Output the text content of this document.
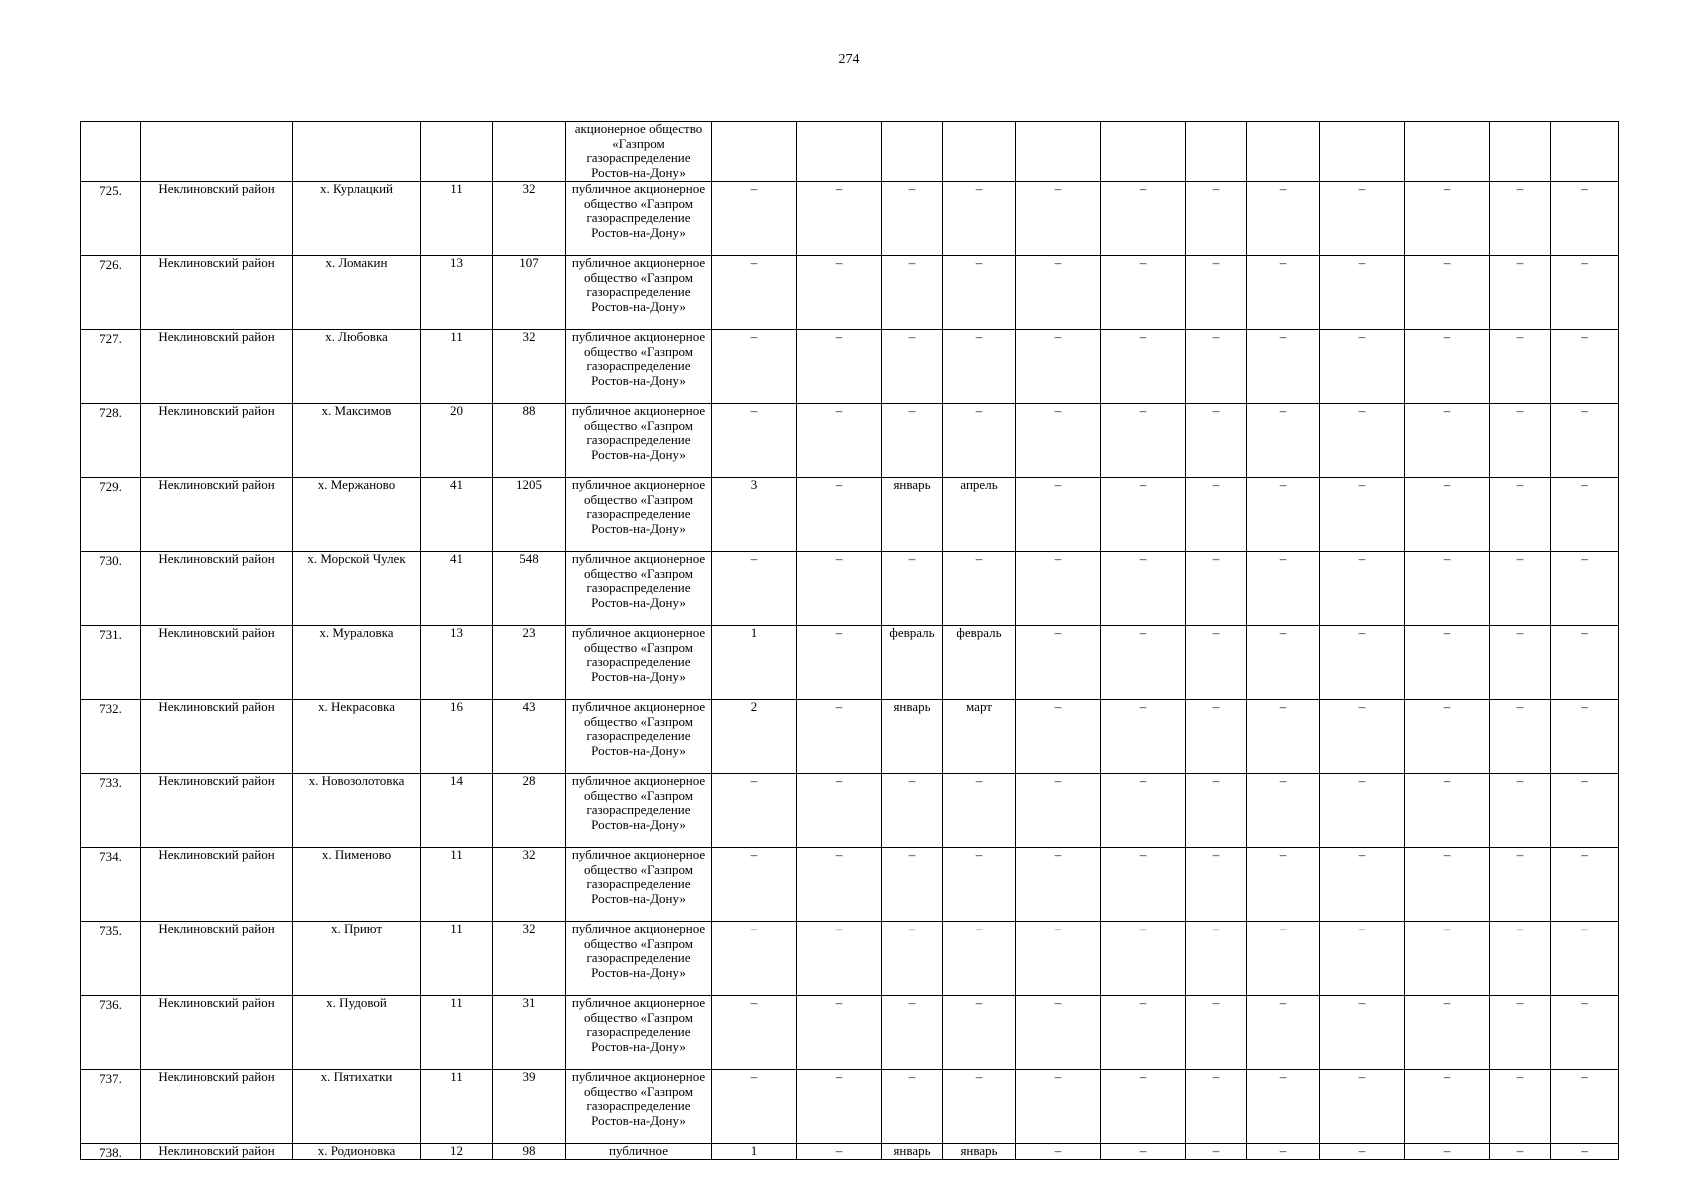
274
					акционерное общество «Газпром газораспределение Ростов-на-Дону»												
725.	Неклиновский район	х. Курлацкий	11	32	публичное акционерное общество «Газпром газораспределение Ростов-на-Дону»	–	–	–	–	–	–	–	–	–	–	–	–
726.	Неклиновский район	х. Ломакин	13	107	публичное акционерное общество «Газпром газораспределение Ростов-на-Дону»	–	–	–	–	–	–	–	–	–	–	–	–
727.	Неклиновский район	х. Любовка	11	32	публичное акционерное общество «Газпром газораспределение Ростов-на-Дону»	–	–	–	–	–	–	–	–	–	–	–	–
728.	Неклиновский район	х. Максимов	20	88	публичное акционерное общество «Газпром газораспределение Ростов-на-Дону»	–	–	–	–	–	–	–	–	–	–	–	–
729.	Неклиновский район	х. Мержаново	41	1205	публичное акционерное общество «Газпром газораспределение Ростов-на-Дону»	3	–	январь	апрель	–	–	–	–	–	–	–	–
730.	Неклиновский район	х. Морской Чулек	41	548	публичное акционерное общество «Газпром газораспределение Ростов-на-Дону»	–	–	–	–	–	–	–	–	–	–	–	–
731.	Неклиновский район	х. Мураловка	13	23	публичное акционерное общество «Газпром газораспределение Ростов-на-Дону»	1	–	февраль	февраль	–	–	–	–	–	–	–	–
732.	Неклиновский район	х. Некрасовка	16	43	публичное акционерное общество «Газпром газораспределение Ростов-на-Дону»	2	–	январь	март	–	–	–	–	–	–	–	–
733.	Неклиновский район	х. Новозолотовка	14	28	публичное акционерное общество «Газпром газораспределение Ростов-на-Дону»	–	–	–	–	–	–	–	–	–	–	–	–
734.	Неклиновский район	х. Пименово	11	32	публичное акционерное общество «Газпром газораспределение Ростов-на-Дону»	–	–	–	–	–	–	–	–	–	–	–	–
735.	Неклиновский район	х. Приют	11	32	публичное акционерное общество «Газпром газораспределение Ростов-на-Дону»	–	–	–	–	–	–	–	–	–	–	–	–
736.	Неклиновский район	х. Пудовой	11	31	публичное акционерное общество «Газпром газораспределение Ростов-на-Дону»	–	–	–	–	–	–	–	–	–	–	–	–
737.	Неклиновский район	х. Пятихатки	11	39	публичное акционерное общество «Газпром газораспределение Ростов-на-Дону»	–	–	–	–	–	–	–	–	–	–	–	–
738.	Неклиновский район	х. Родионовка	12	98	публичное	1	–	январь	январь	–	–	–	–	–	–	–	–
